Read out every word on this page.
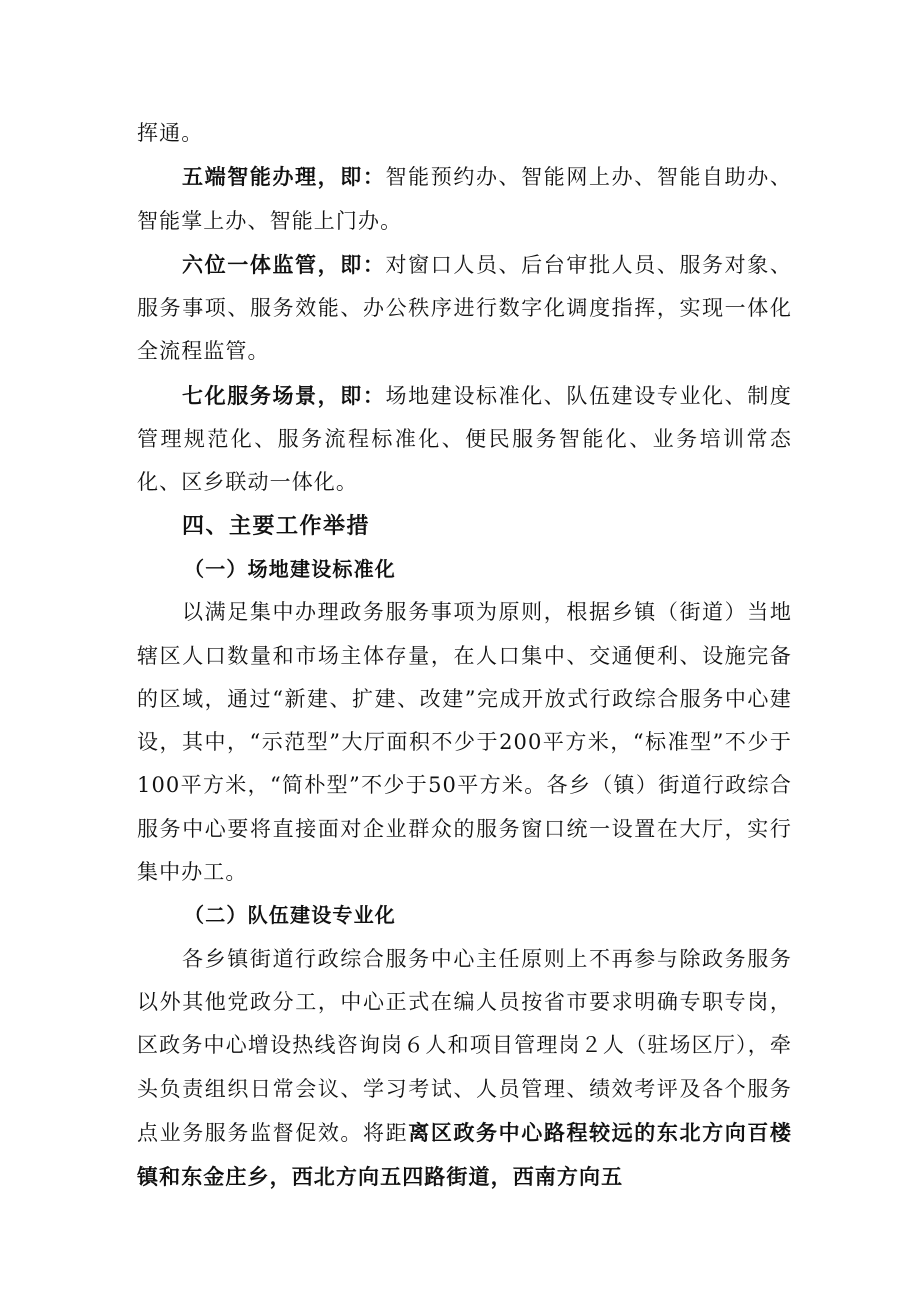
挥通。

五端智能办理，即：智能预约办、智能网上办、智能自助办、智能掌上办、智能上门办。

六位一体监管，即：对窗口人员、后台审批人员、服务对象、服务事项、服务效能、办公秩序进行数字化调度指挥，实现一体化全流程监管。

七化服务场景，即：场地建设标准化、队伍建设专业化、制度管理规范化、服务流程标准化、便民服务智能化、业务培训常态化、区乡联动一体化。

四、主要工作举措
（一）场地建设标准化

以满足集中办理政务服务事项为原则，根据乡镇（街道）当地辖区人口数量和市场主体存量，在人口集中、交通便利、设施完备的区域，通过“新建、扩建、改建”完成开放式行政综合服务中心建设，其中，“示范型”大厅面积不少于200平方米，“标准型”不少于100平方米，“简朴型”不少于50平方米。各乡（镇）街道行政综合服务中心要将直接面对企业群众的服务窗口统一设置在大厅，实行集中办工。

（二）队伍建设专业化

各乡镇街道行政综合服务中心主任原则上不再参与除政务服务以外其他党政分工，中心正式在编人员按省市要求明确专职专岗，区政务中心增设热线咨询岗６人和项目管理岗２人（驻场区厅），牵头负责组织日常会议、学习考试、人员管理、绩效考评及各个服务点业务服务监督促效。将距离区政务中心路程较远的东北方向百楼镇和东金庄乡，西北方向五四路街道，西南方向五
